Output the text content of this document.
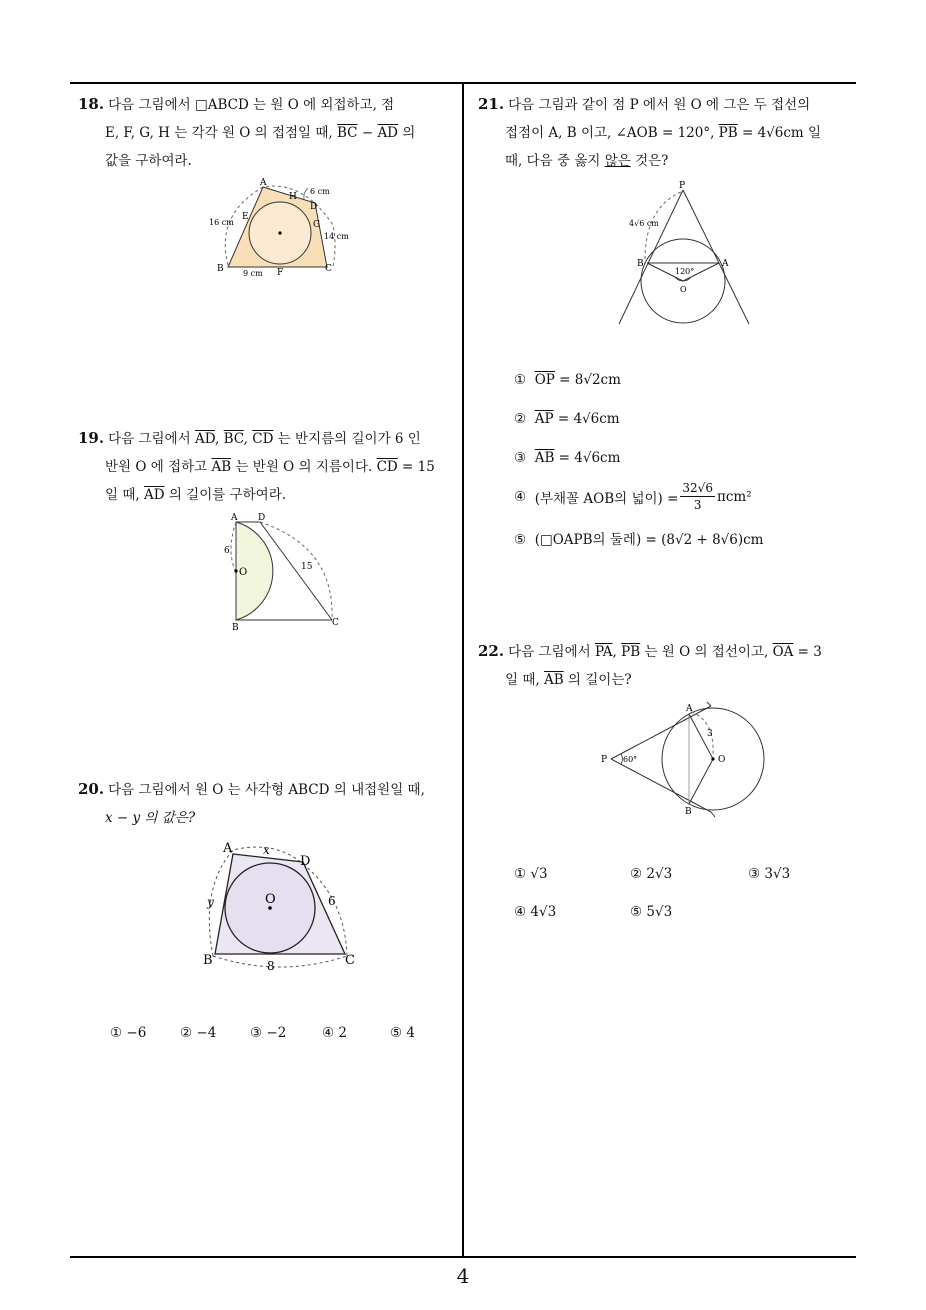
4
18. 다음 그림에서 □ABCD 는 원 O 에 외접하고, 점
E, F, G, H 는 각각 원 O 의 접점일 때, $\overline{BC} - \overline{AD}$ 의
값을 구하여라.
A
H
6 cm
D
G
14 cm
E
16 cm
B	C
F
9 cm
19. 다음 그림에서 $\overline{AD}$, $\overline{BC}$, $\overline{CD}$ 는 반지름의 길이가 6 인
반원 O 에 접하고 $\overline{AB}$ 는 반원 O 의 지름이다. $\overline{CD} = 15$
일 때, $\overline{AD}$ 의 길이를 구하여라.
A D
6
O	15
B	C
20. 다음 그림에서 원 O 는 사각형 ABCD 의 내접원일 때,
x − y 의 값은?
A	x
D
O
y	6
B	C
8
① −6 ② −4 ③ −2	④ 2	⑤ 4
21. 다음 그림과 같이 점 P 에서 원 O 에 그은 두 접선의
접점이 A, B 이고, ∠AOB = 120°, $\overline{PB} = 4√6cm$ 일
때, 다음 중 옳지 않은 것은?
P
4√6 cm
B	A
120°
O
① $\overline{OP} = 8√2cm$
② $\overline{AP} = 4√6cm$
③ $\overline{AB} = 4√6cm$
④
(부채꼴 AOB의 넓이) = $\frac{32√6}{3} \pi cm^2$
⑤ (□OAPB의 둘레) = (8√2 + 8√6)cm
22. 다음 그림에서 $\overline{PA}$, $\overline{PB}$ 는 원 O 의 접선이고, $\overline{OA} = 3$
일 때, $\overline{AB}$ 의 길이는?
A
3
P 60°	O
B
① √3	② 2√3	③ 3√3
④ 4√3	⑤ 5√3
